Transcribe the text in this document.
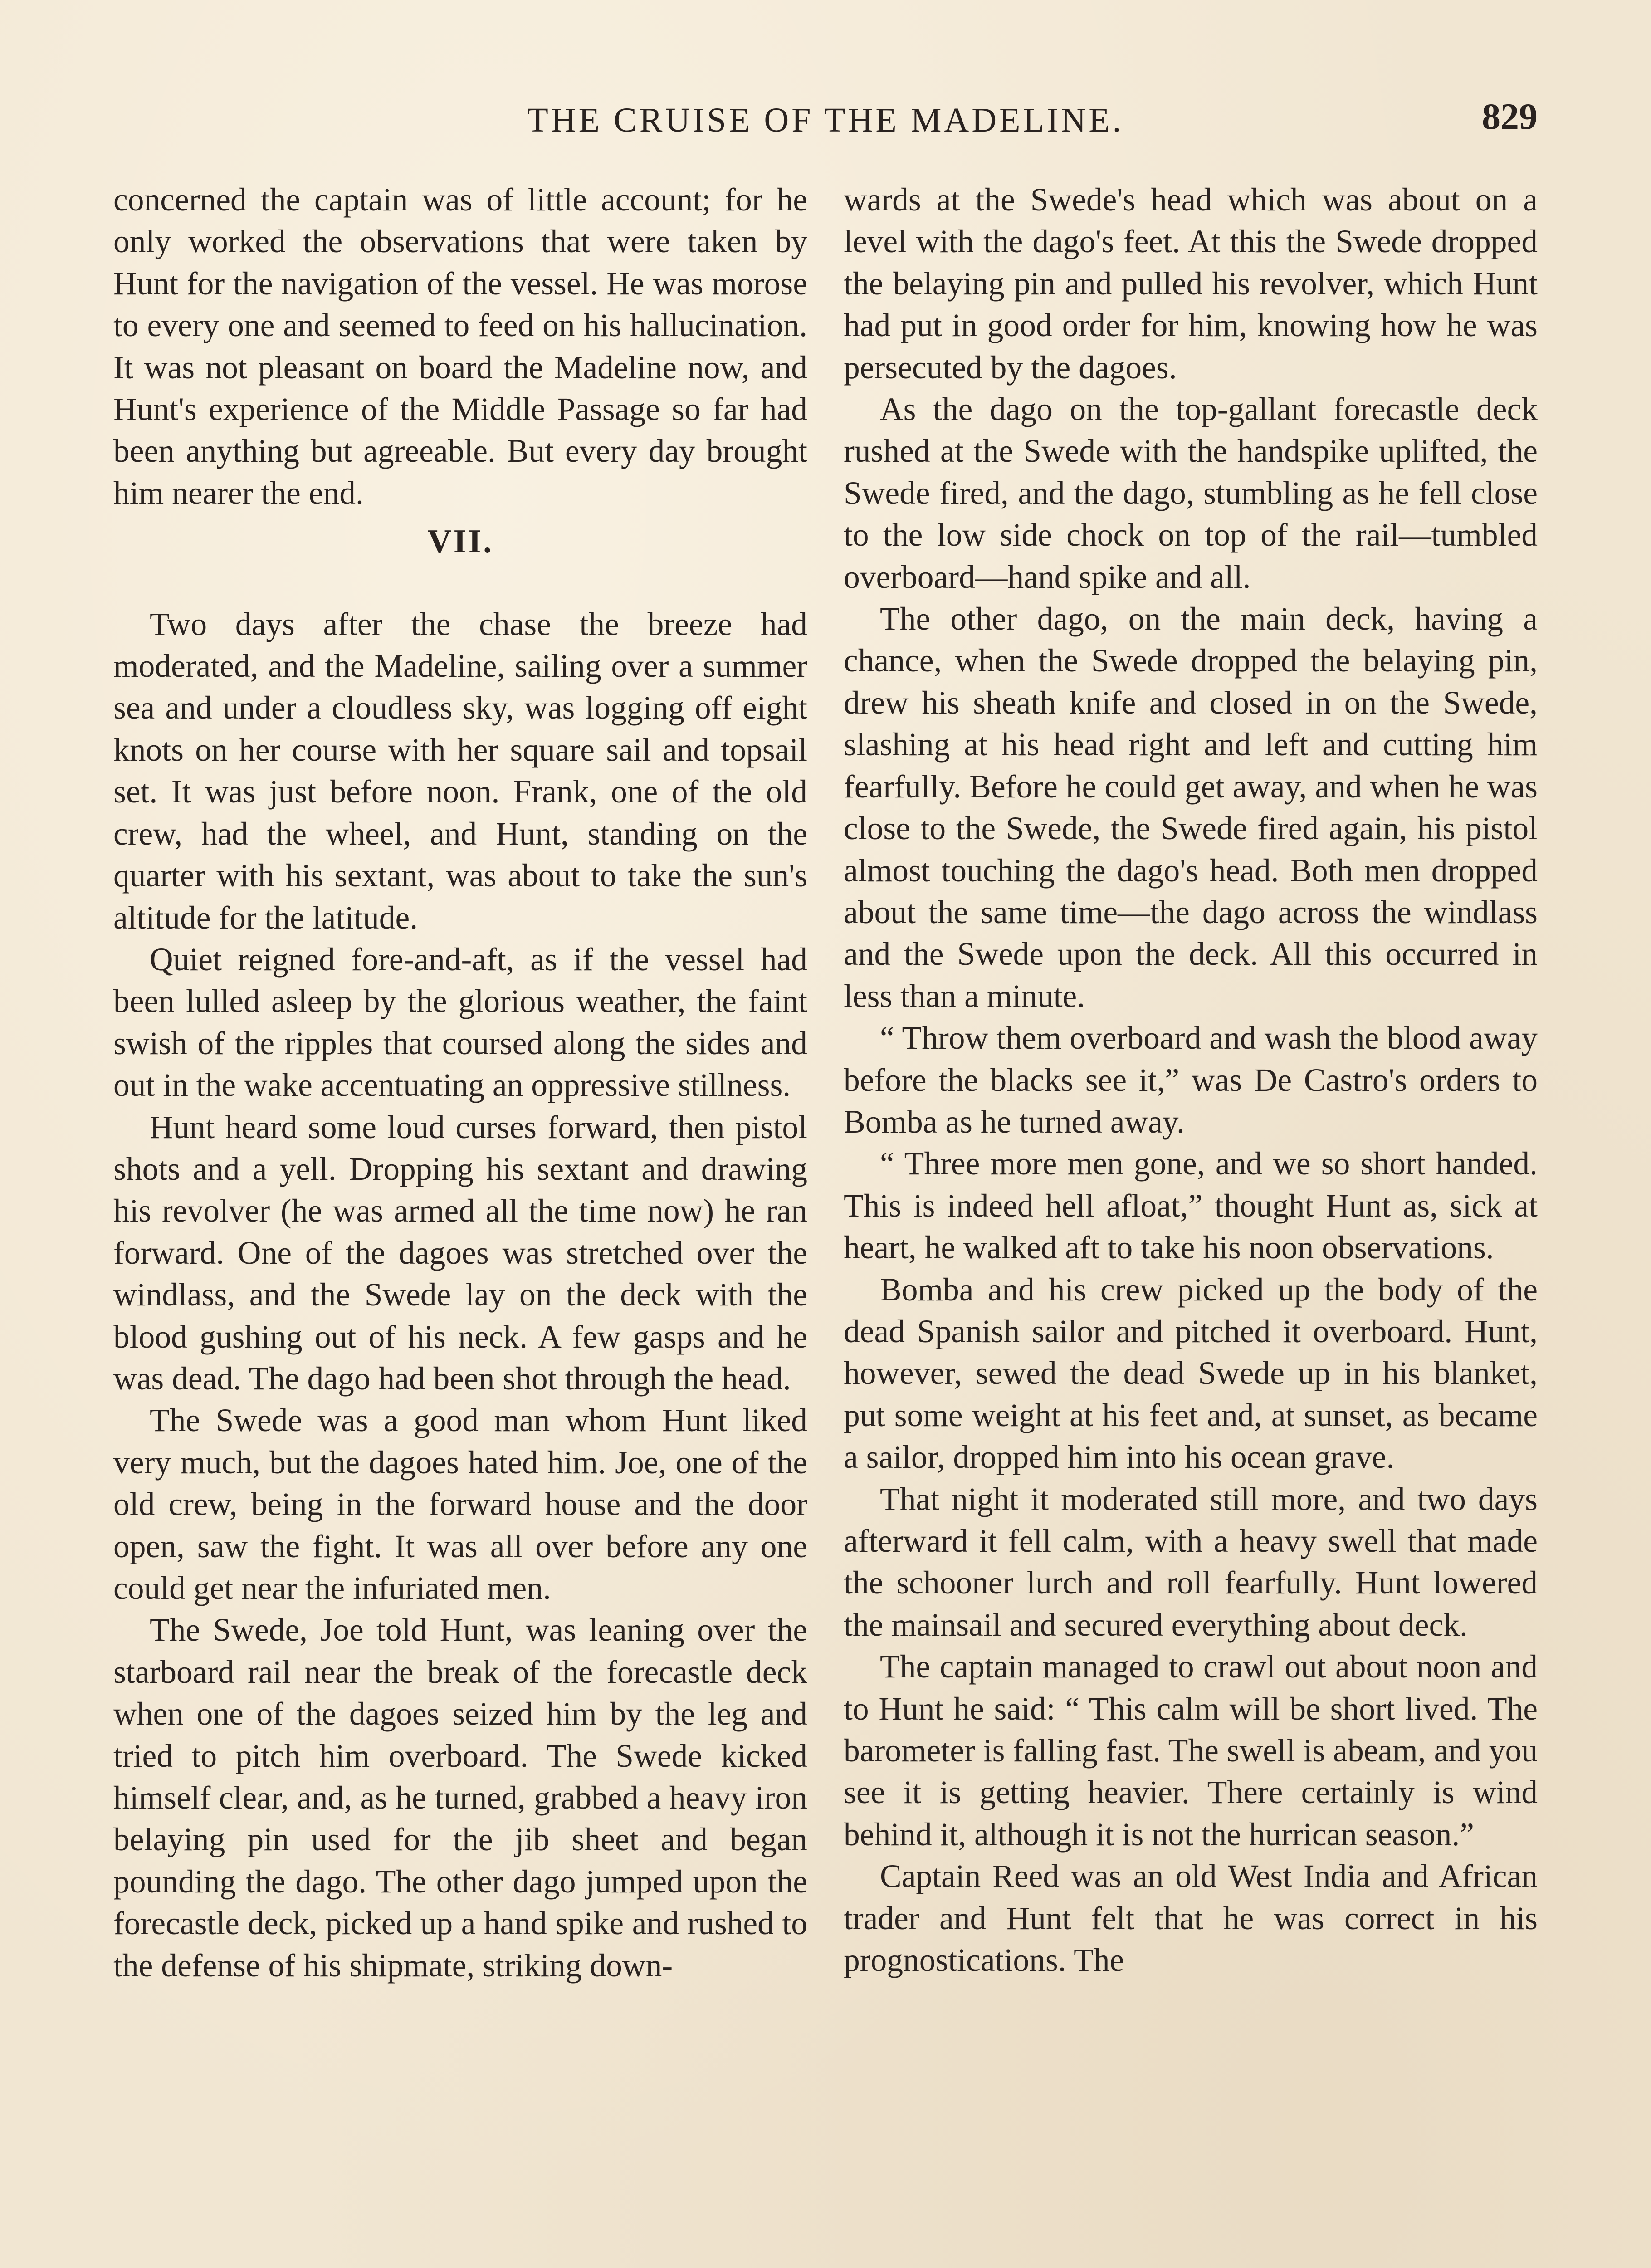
THE CRUISE OF THE MADELINE.	829

concerned the captain was of little account; for he only worked the observations that were taken by Hunt for the navigation of the vessel. He was morose to every one and seemed to feed on his hallucination. It was not pleasant on board the Madeline now, and Hunt's experience of the Middle Passage so far had been anything but agreeable. But every day brought him nearer the end.

VII.

Two days after the chase the breeze had moderated, and the Madeline, sailing over a summer sea and under a cloudless sky, was logging off eight knots on her course with her square sail and topsail set. It was just before noon. Frank, one of the old crew, had the wheel, and Hunt, standing on the quarter with his sextant, was about to take the sun's altitude for the latitude.

Quiet reigned fore-and-aft, as if the vessel had been lulled asleep by the glorious weather, the faint swish of the ripples that coursed along the sides and out in the wake accentuating an oppressive stillness.

Hunt heard some loud curses forward, then pistol shots and a yell. Dropping his sextant and drawing his revolver (he was armed all the time now) he ran forward. One of the dagoes was stretched over the windlass, and the Swede lay on the deck with the blood gushing out of his neck. A few gasps and he was dead. The dago had been shot through the head.

The Swede was a good man whom Hunt liked very much, but the dagoes hated him. Joe, one of the old crew, being in the forward house and the door open, saw the fight. It was all over before any one could get near the infuriated men.

The Swede, Joe told Hunt, was leaning over the starboard rail near the break of the forecastle deck when one of the dagoes seized him by the leg and tried to pitch him overboard. The Swede kicked himself clear, and, as he turned, grabbed a heavy iron belaying pin used for the jib sheet and began pounding the dago. The other dago jumped upon the forecastle deck, picked up a hand spike and rushed to the defense of his shipmate, striking down-

wards at the Swede's head which was about on a level with the dago's feet. At this the Swede dropped the belaying pin and pulled his revolver, which Hunt had put in good order for him, knowing how he was persecuted by the dagoes.

As the dago on the top-gallant forecastle deck rushed at the Swede with the handspike uplifted, the Swede fired, and the dago, stumbling as he fell close to the low side chock on top of the rail—tumbled overboard—hand spike and all.

The other dago, on the main deck, having a chance, when the Swede dropped the belaying pin, drew his sheath knife and closed in on the Swede, slashing at his head right and left and cutting him fearfully. Before he could get away, and when he was close to the Swede, the Swede fired again, his pistol almost touching the dago's head. Both men dropped about the same time—the dago across the windlass and the Swede upon the deck. All this occurred in less than a minute.

“ Throw them overboard and wash the blood away before the blacks see it,” was De Castro's orders to Bomba as he turned away.

“ Three more men gone, and we so short handed. This is indeed hell afloat,” thought Hunt as, sick at heart, he walked aft to take his noon observations.

Bomba and his crew picked up the body of the dead Spanish sailor and pitched it overboard. Hunt, however, sewed the dead Swede up in his blanket, put some weight at his feet and, at sunset, as became a sailor, dropped him into his ocean grave.

That night it moderated still more, and two days afterward it fell calm, with a heavy swell that made the schooner lurch and roll fearfully. Hunt lowered the mainsail and secured everything about deck.

The captain managed to crawl out about noon and to Hunt he said: “ This calm will be short lived. The barometer is falling fast. The swell is abeam, and you see it is getting heavier. There certainly is wind behind it, although it is not the hurrican season.”

Captain Reed was an old West India and African trader and Hunt felt that he was correct in his prognostications. The
